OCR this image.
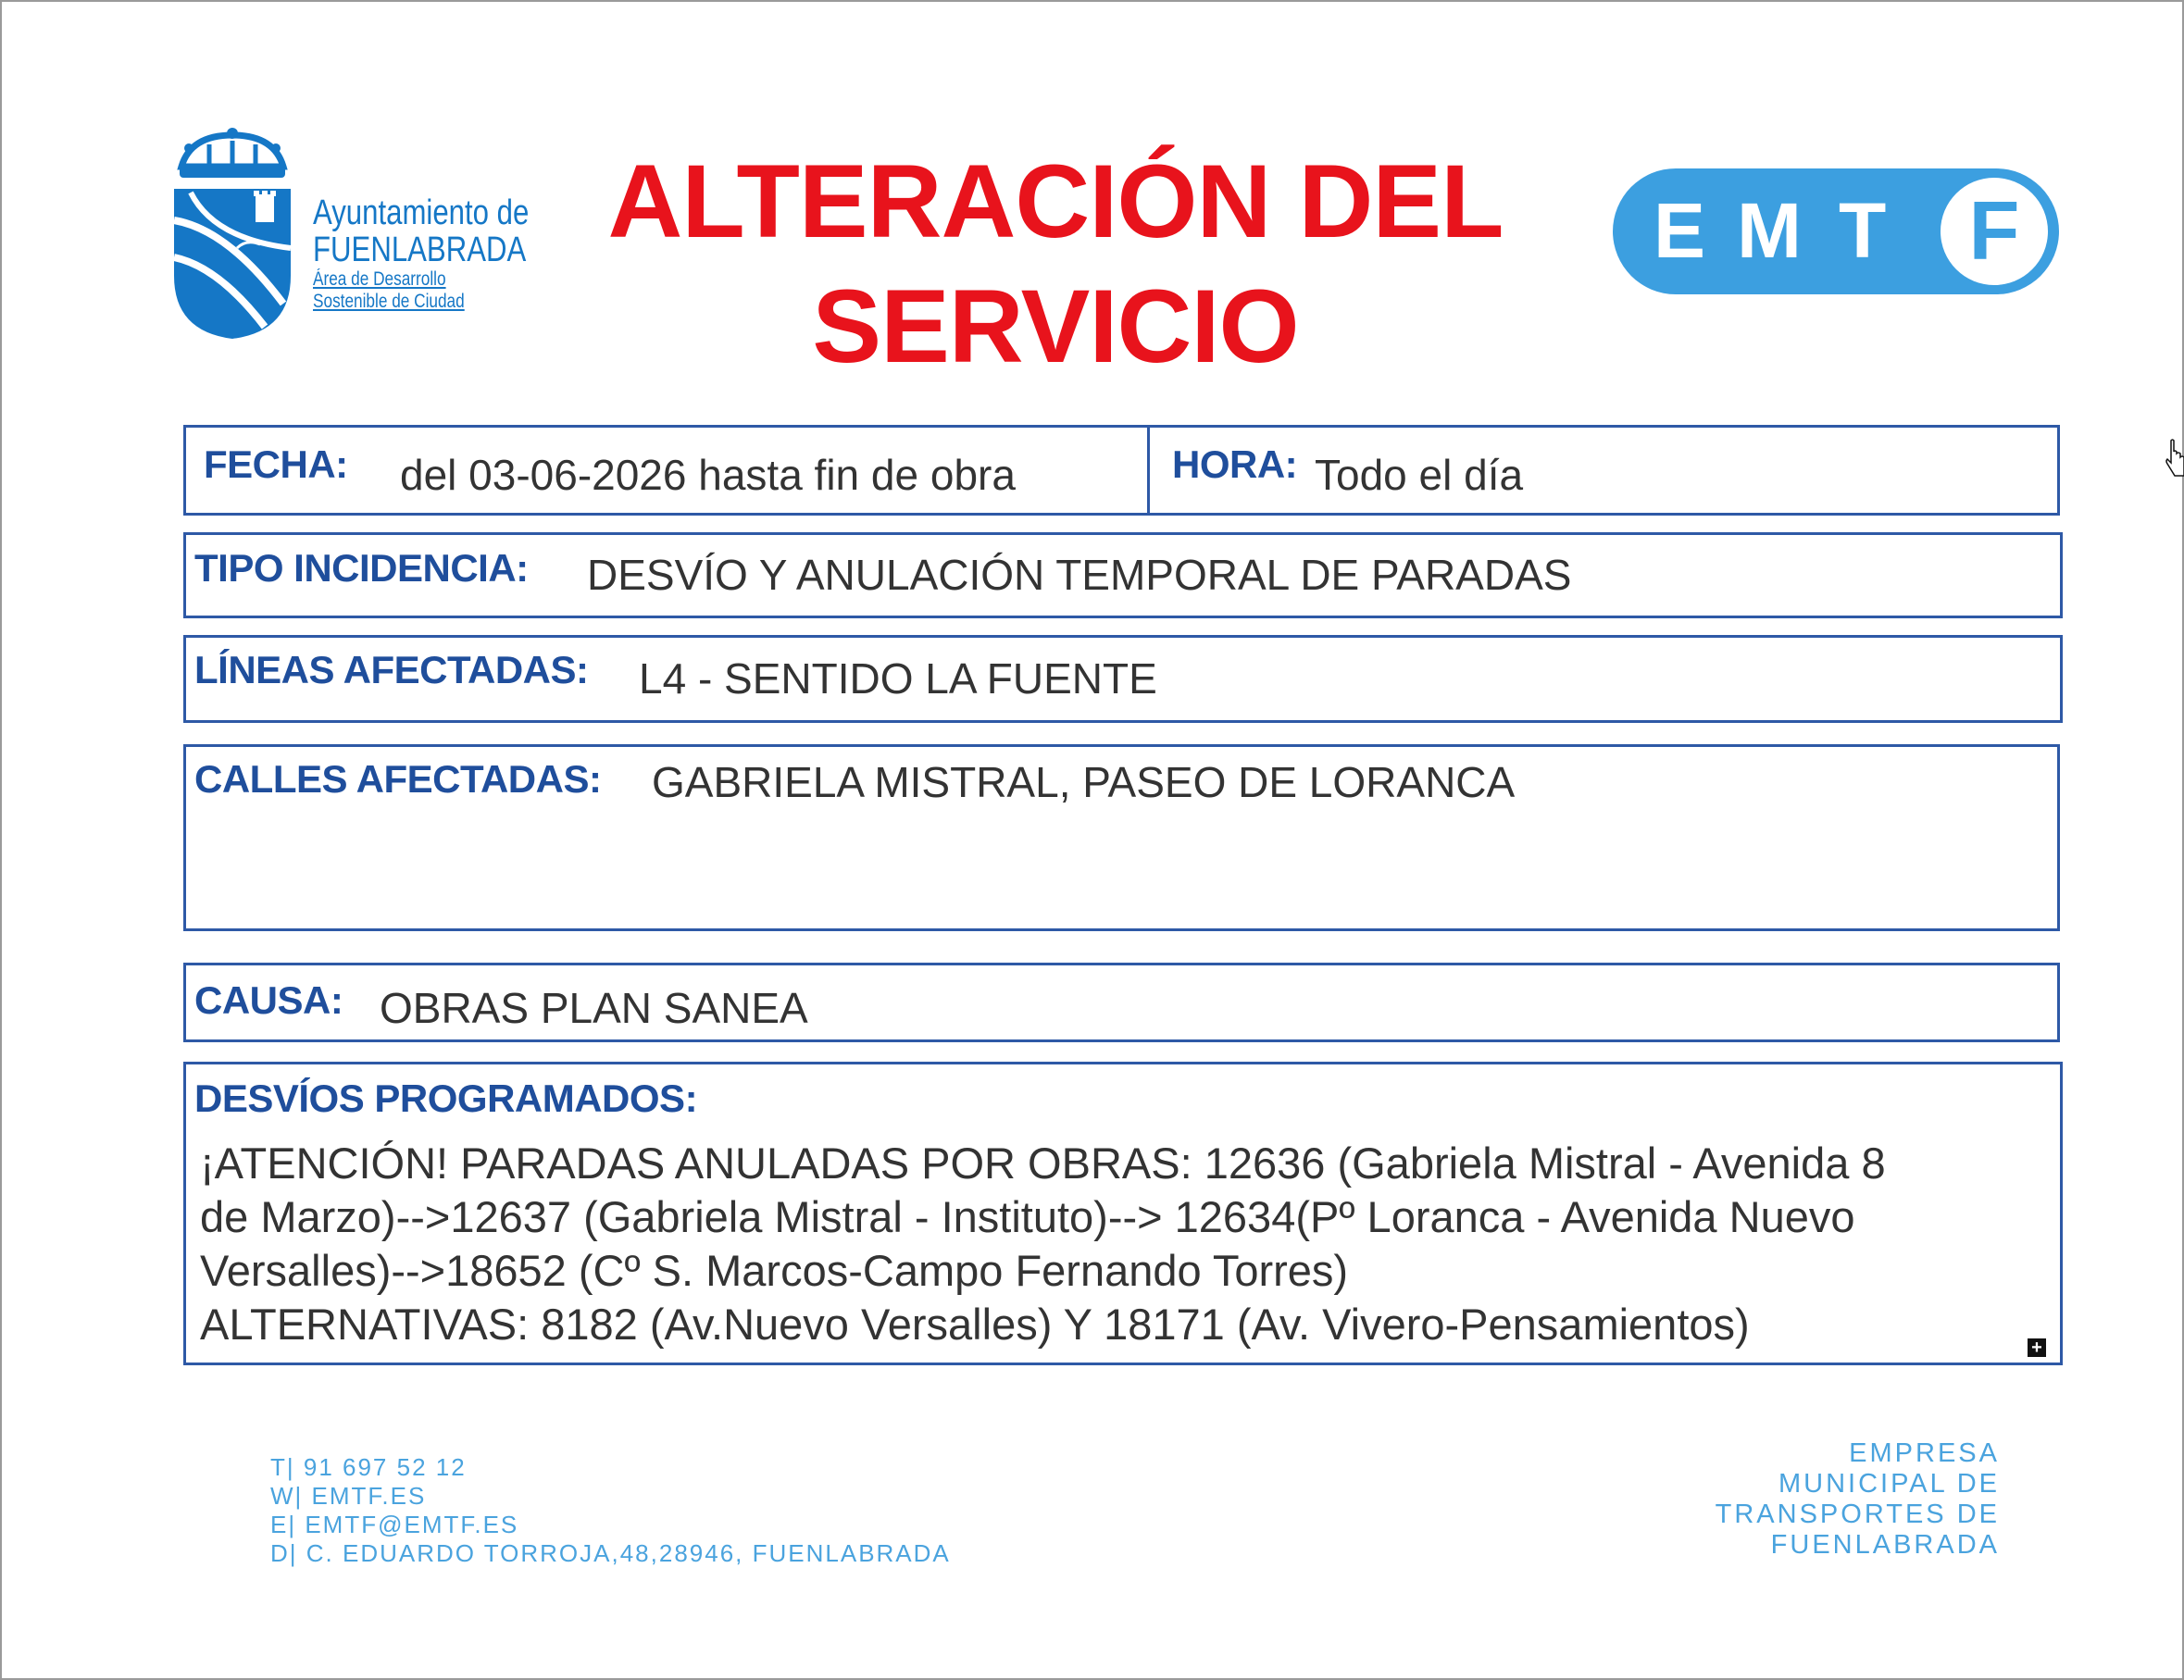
Ayuntamiento de
FUENLABRADA
Área de Desarrollo
Sostenible de Ciudad
ALTERACIÓN DEL
SERVICIO
E M T F
FECHA: del 03-06-2026 hasta fin de obra	HORA: Todo el día
TIPO INCIDENCIA: DESVÍO Y ANULACIÓN TEMPORAL DE PARADAS
LÍNEAS AFECTADAS: L4 - SENTIDO LA FUENTE
CALLES AFECTADAS: GABRIELA MISTRAL, PASEO DE LORANCA
CAUSA: OBRAS PLAN SANEA
DESVÍOS PROGRAMADOS:
¡ATENCIÓN! PARADAS ANULADAS POR OBRAS: 12636 (Gabriela Mistral - Avenida 8
de Marzo)-->12637 (Gabriela Mistral - Instituto)--> 12634(Pº Loranca - Avenida Nuevo
Versalles)-->18652 (Cº S. Marcos-Campo Fernando Torres)
ALTERNATIVAS: 8182 (Av.Nuevo Versalles) Y 18171 (Av. Vivero-Pensamientos)	+
T| 91 697 52 12
W| EMTF.ES
E| EMTF@EMTF.ES
D| C. EDUARDO TORROJA,48,28946, FUENLABRADA
EMPRESA
MUNICIPAL DE
TRANSPORTES DE
FUENLABRADA
